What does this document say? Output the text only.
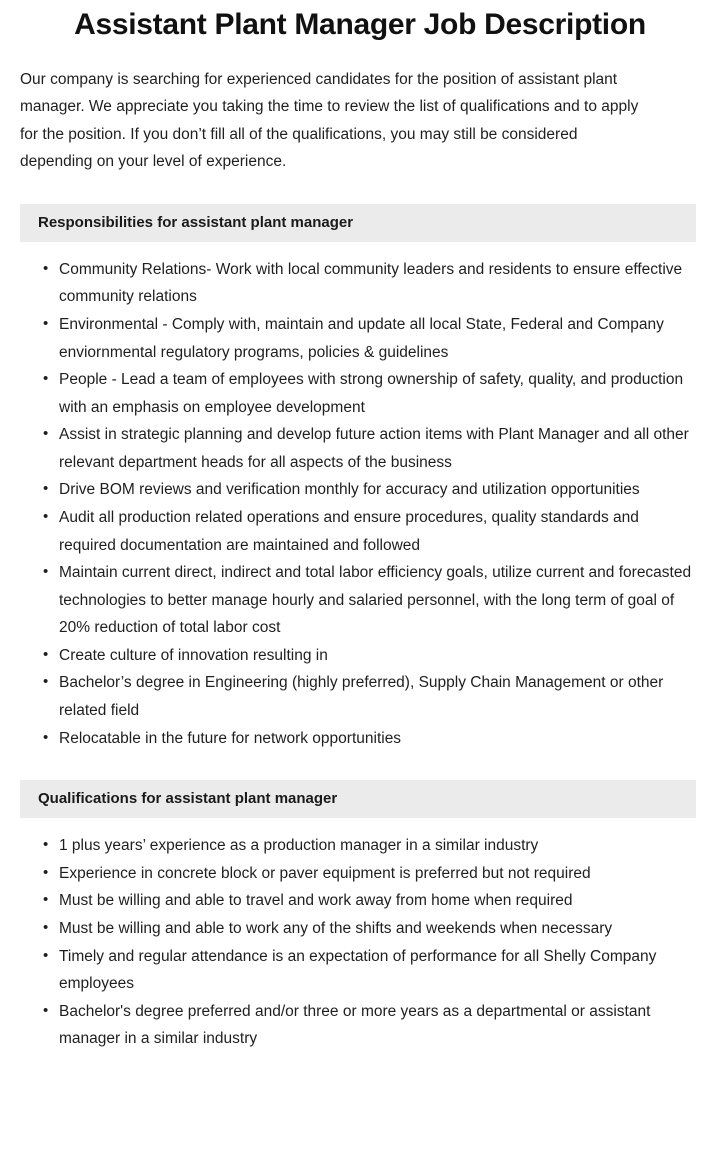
Assistant Plant Manager Job Description

Our company is searching for experienced candidates for the position of assistant plant manager. We appreciate you taking the time to review the list of qualifications and to apply for the position. If you don’t fill all of the qualifications, you may still be considered depending on your level of experience.

Responsibilities for assistant plant manager
• Community Relations- Work with local community leaders and residents to ensure effective community relations
• Environmental - Comply with, maintain and update all local State, Federal and Company enviornmental regulatory programs, policies & guidelines
• People - Lead a team of employees with strong ownership of safety, quality, and production with an emphasis on employee development
• Assist in strategic planning and develop future action items with Plant Manager and all other relevant department heads for all aspects of the business
• Drive BOM reviews and verification monthly for accuracy and utilization opportunities
• Audit all production related operations and ensure procedures, quality standards and required documentation are maintained and followed
• Maintain current direct, indirect and total labor efficiency goals, utilize current and forecasted technologies to better manage hourly and salaried personnel, with the long term of goal of 20% reduction of total labor cost
• Create culture of innovation resulting in
• Bachelor’s degree in Engineering (highly preferred), Supply Chain Management or other related field
• Relocatable in the future for network opportunities
Qualifications for assistant plant manager
• 1 plus years’ experience as a production manager in a similar industry
• Experience in concrete block or paver equipment is preferred but not required
• Must be willing and able to travel and work away from home when required
• Must be willing and able to work any of the shifts and weekends when necessary
• Timely and regular attendance is an expectation of performance for all Shelly Company employees
• Bachelor's degree preferred and/or three or more years as a departmental or assistant manager in a similar industry
